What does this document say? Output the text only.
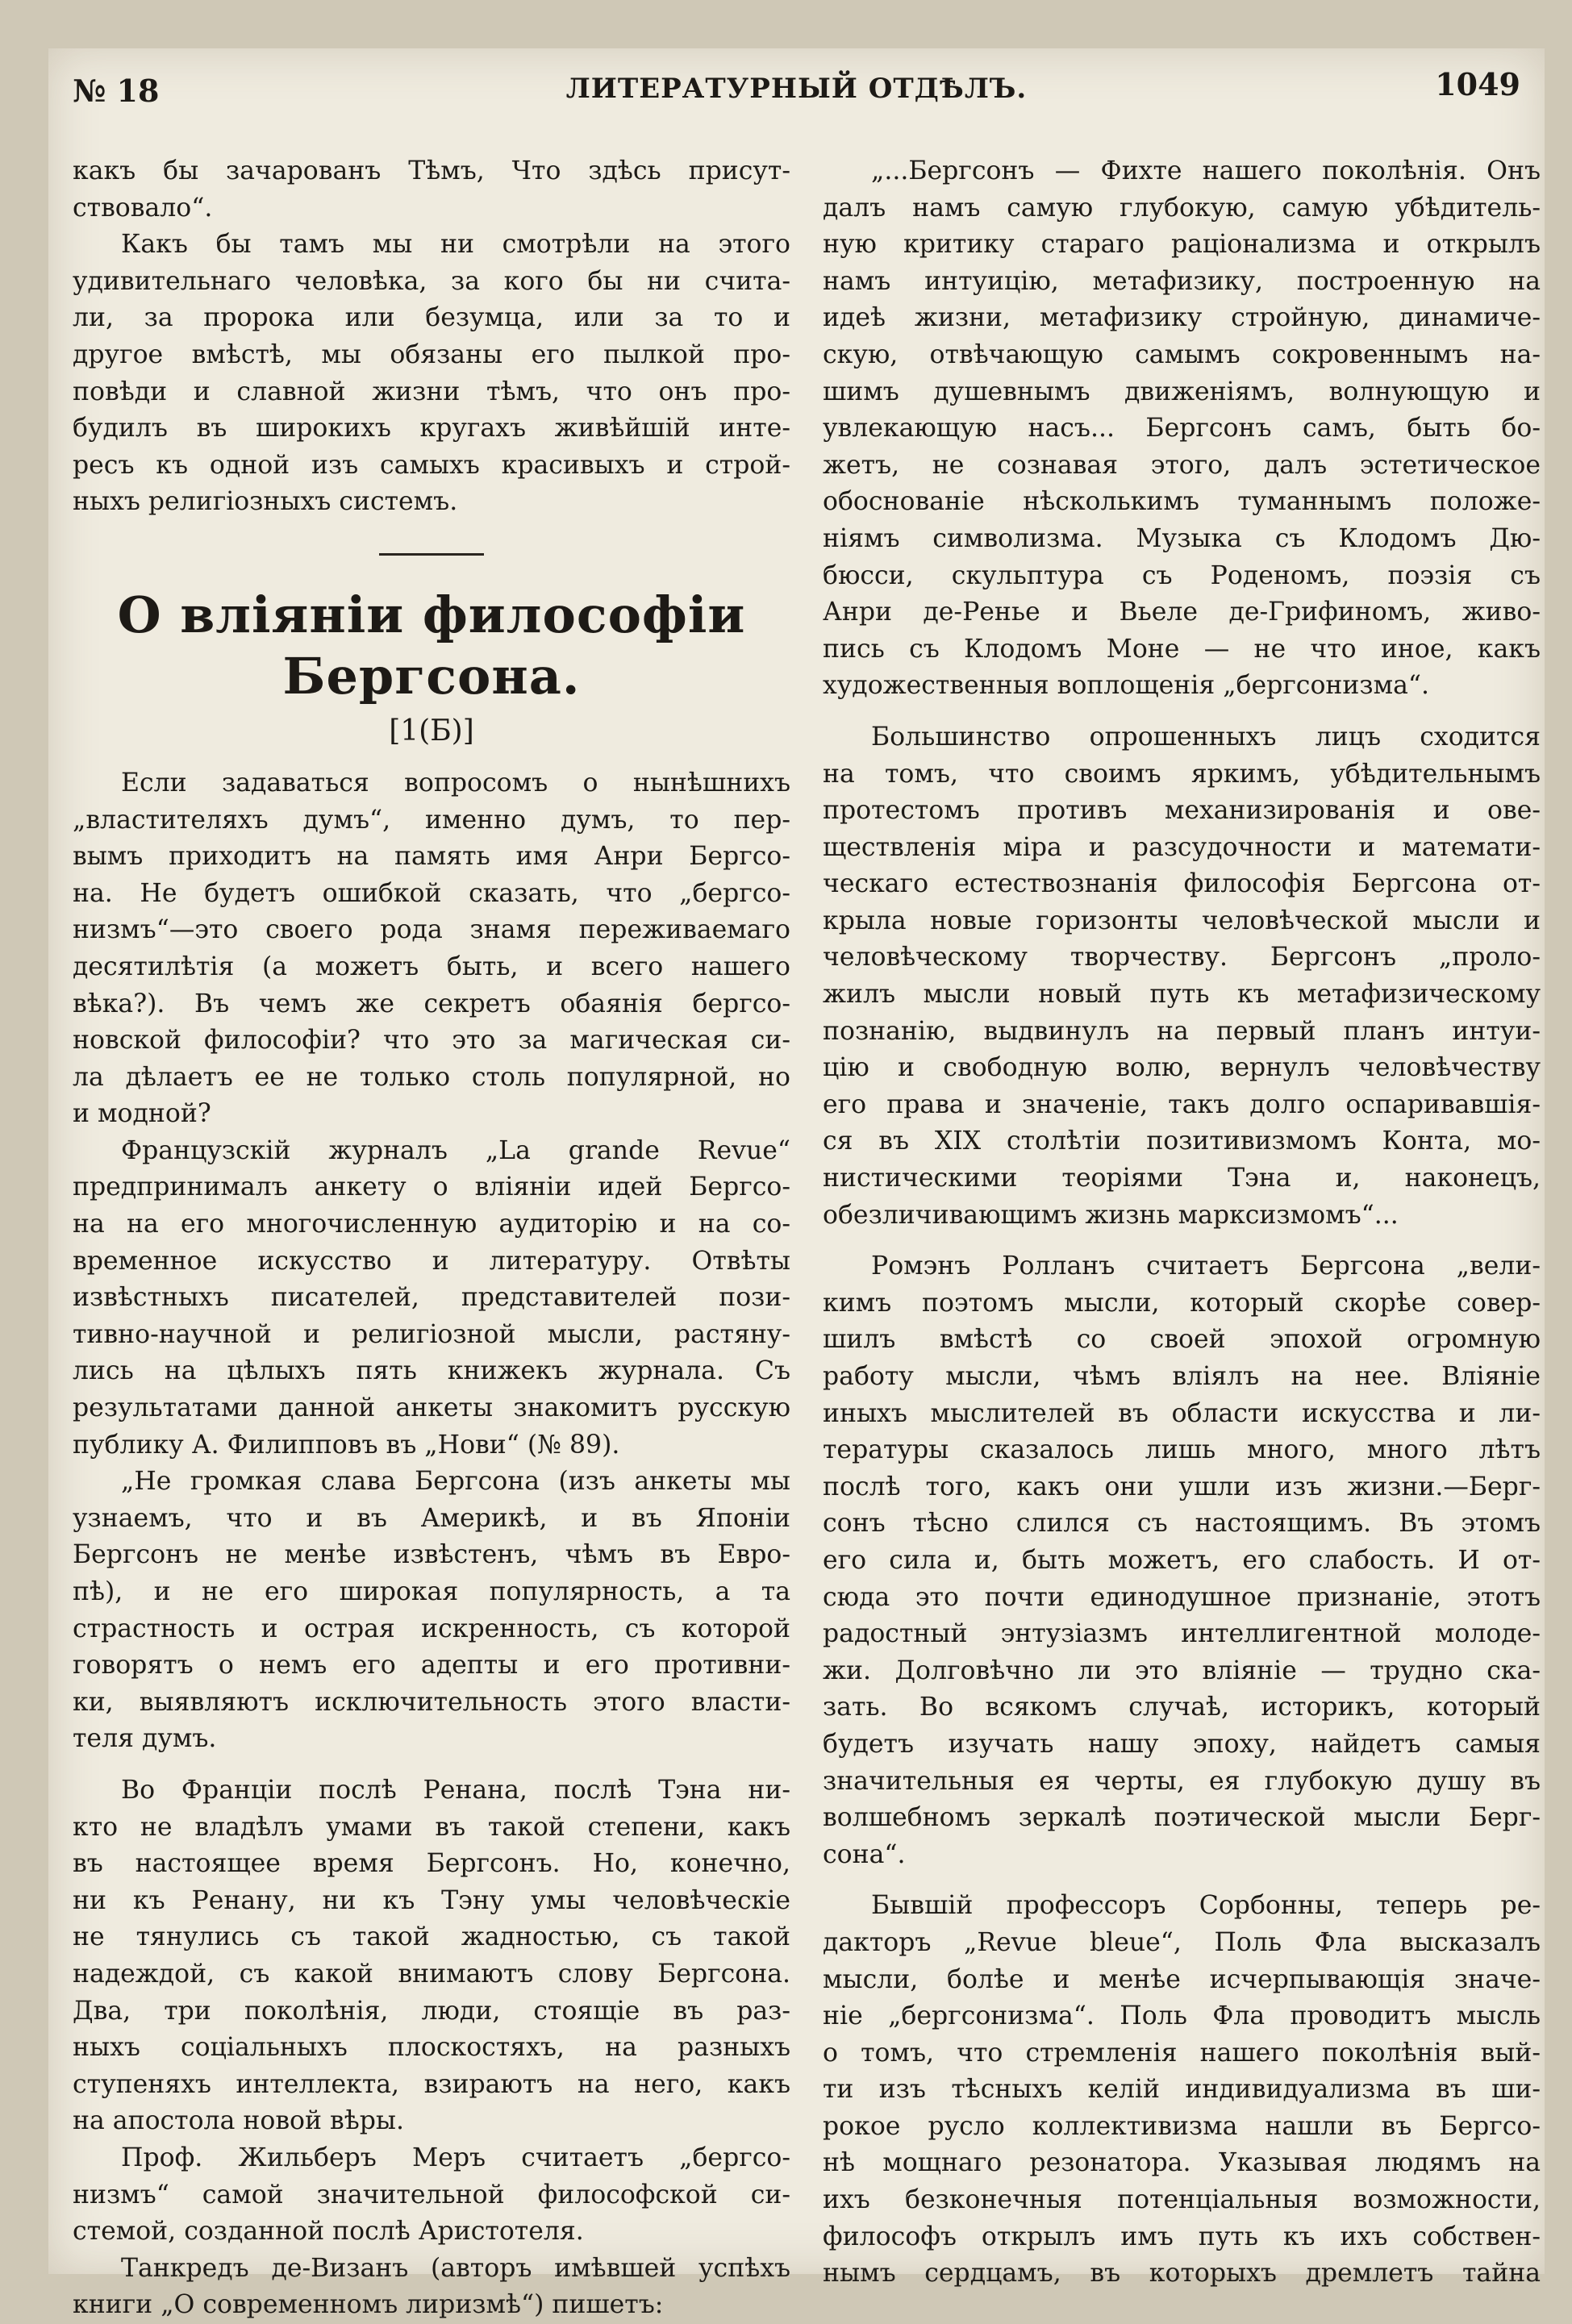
№ 18	ЛИТЕРАТУРНЫЙ ОТДѢЛЪ.	1049
какъ бы зачарованъ Тѣмъ, Что здѣсь присут-
ствовало“.
Какъ бы тамъ мы ни смотрѣли на этого
удивительнаго человѣка, за кого бы ни счита-
ли, за пророка или безумца, или за то и
другое вмѣстѣ, мы обязаны его пылкой про-
повѣди и славной жизни тѣмъ, что онъ про-
будилъ въ широкихъ кругахъ живѣйшій инте-
ресъ къ одной изъ самыхъ красивыхъ и строй-
ныхъ религіозныхъ системъ.
О вліяніи философіи Бергсона.
[1(Б)]
Если задаваться вопросомъ о нынѣшнихъ
„властителяхъ думъ“, именно думъ, то пер-
вымъ приходитъ на память имя Анри Бергсо-
на. Не будетъ ошибкой сказать, что „бергсо-
низмъ“—это своего рода знамя переживаемаго
десятилѣтія (а можетъ быть, и всего нашего
вѣка?). Въ чемъ же секретъ обаянія бергсо-
новской философіи? что это за магическая си-
ла дѣлаетъ ее не только столь популярной, но
и модной?
Французскій журналъ „La grande Revue“
предпринималъ анкету о вліяніи идей Бергсо-
на на его многочисленную аудиторію и на со-
временное искусство и литературу. Отвѣты
извѣстныхъ писателей, представителей пози-
тивно-научной и религіозной мысли, растяну-
лись на цѣлыхъ пять книжекъ журнала. Съ
результатами данной анкеты знакомитъ русскую
публику А. Филипповъ въ „Нови“ (№ 89).
„Не громкая слава Бергсона (изъ анкеты мы
узнаемъ, что и въ Америкѣ, и въ Японіи
Бергсонъ не менѣе извѣстенъ, чѣмъ въ Евро-
пѣ), и не его широкая популярность, а та
страстность и острая искренность, съ которой
говорятъ о немъ его адепты и его противни-
ки, выявляютъ исключительность этого власти-
теля думъ.
Во Франціи послѣ Ренана, послѣ Тэна ни-
кто не владѣлъ умами въ такой степени, какъ
въ настоящее время Бергсонъ. Но, конечно,
ни къ Ренану, ни къ Тэну умы человѣческіе
не тянулись съ такой жадностью, съ такой
надеждой, съ какой внимаютъ слову Бергсона.
Два, три поколѣнія, люди, стоящіе въ раз-
ныхъ соціальныхъ плоскостяхъ, на разныхъ
ступеняхъ интеллекта, взираютъ на него, какъ
на апостола новой вѣры.
Проф. Жильберъ Меръ считаетъ „бергсо-
низмъ“ самой значительной философской си-
стемой, созданной послѣ Аристотеля.
Танкредъ де-Визанъ (авторъ имѣвшей успѣхъ
книги „О современномъ лиризмѣ“) пишетъ:
„...Бергсонъ — Фихте нашего поколѣнія. Онъ
далъ намъ самую глубокую, самую убѣдитель-
ную критику стараго раціонализма и открылъ
намъ интуицію, метафизику, построенную на
идеѣ жизни, метафизику стройную, динамиче-
скую, отвѣчающую самымъ сокровеннымъ на-
шимъ душевнымъ движеніямъ, волнующую и
увлекающую насъ... Бергсонъ самъ, быть бо-
жетъ, не сознавая этого, далъ эстетическое
обоснованіе нѣсколькимъ туманнымъ положе-
ніямъ символизма. Музыка съ Клодомъ Дю-
бюсси, скульптура съ Роденомъ, поэзія съ
Анри де-Ренье и Вьеле де-Грифиномъ, живо-
пись съ Клодомъ Моне — не что иное, какъ
художественныя воплощенія „бергсонизма“.
Большинство опрошенныхъ лицъ сходится
на томъ, что своимъ яркимъ, убѣдительнымъ
протестомъ противъ механизированія и ове-
ществленія міра и разсудочности и математи-
ческаго естествознанія философія Бергсона от-
крыла новые горизонты человѣческой мысли и
человѣческому творчеству. Бергсонъ „проло-
жилъ мысли новый путь къ метафизическому
познанію, выдвинулъ на первый планъ интуи-
цію и свободную волю, вернулъ человѣчеству
его права и значеніе, такъ долго оспаривавшія-
ся въ XIX столѣтіи позитивизмомъ Конта, мо-
нистическими теоріями Тэна и, наконецъ,
обезличивающимъ жизнь марксизмомъ“...
Ромэнъ Ролланъ считаетъ Бергсона „вели-
кимъ поэтомъ мысли, который скорѣе совер-
шилъ вмѣстѣ со своей эпохой огромную
работу мысли, чѣмъ вліялъ на нее. Вліяніе
иныхъ мыслителей въ области искусства и ли-
тературы сказалось лишь много, много лѣтъ
послѣ того, какъ они ушли изъ жизни.—Берг-
сонъ тѣсно слился съ настоящимъ. Въ этомъ
его сила и, быть можетъ, его слабость. И от-
сюда это почти единодушное признаніе, этотъ
радостный энтузіазмъ интеллигентной молоде-
жи. Долговѣчно ли это вліяніе — трудно ска-
зать. Во всякомъ случаѣ, историкъ, который
будетъ изучать нашу эпоху, найдетъ самыя
значительныя ея черты, ея глубокую душу въ
волшебномъ зеркалѣ поэтической мысли Берг-
сона“.
Бывшій профессоръ Сорбонны, теперь ре-
дакторъ „Revue bleue“, Поль Фла высказалъ
мысли, болѣе и менѣе исчерпывающія значе-
ніе „бергсонизма“. Поль Фла проводитъ мысль
о томъ, что стремленія нашего поколѣнія вый-
ти изъ тѣсныхъ келій индивидуализма въ ши-
рокое русло коллективизма нашли въ Бергсо-
нѣ мощнаго резонатора. Указывая людямъ на
ихъ безконечныя потенціальныя возможности,
философъ открылъ имъ путь къ ихъ собствен-
нымъ сердцамъ, въ которыхъ дремлетъ тайна
